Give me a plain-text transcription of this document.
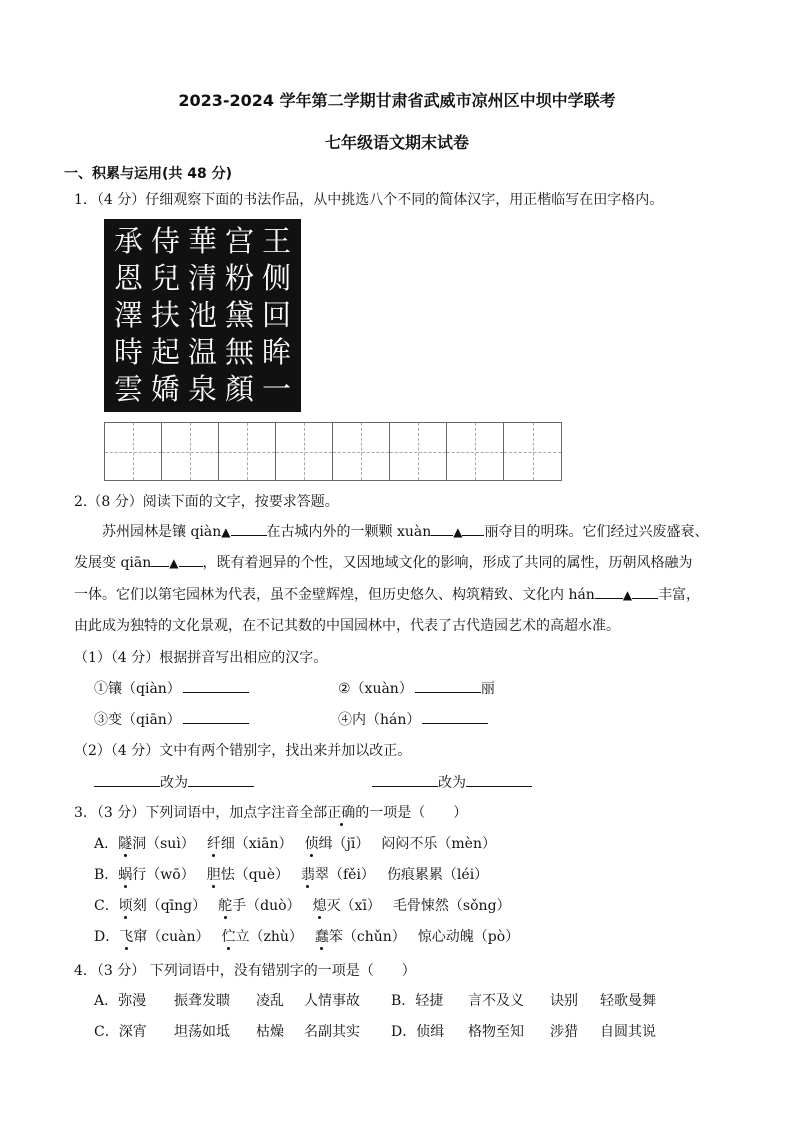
2023-2024 学年第二学期甘肃省武威市凉州区中坝中学联考
七年级语文期末试卷
一、积累与运用(共 48 分)
1．（4 分）仔细观察下面的书法作品，从中挑选八个不同的简体汉字，用正楷临写在田字格内。
承 侍 華 宫 王
恩 兒 清 粉 侧
澤 扶 池 黛 回
時 起 温 無 眸
雲 嬌 泉 顏 一
2.（8 分）阅读下面的文字，按要求答题。
苏州园林是镶 qiàn▲	在古城内外的一颗颗 xuàn ▲ 丽夺目的明珠。它们经过兴废盛衰、
发展变 qiān ▲ ，既有着迥异的个性，又因地域文化的影响，形成了共同的属性，历朝风格融为
一体。它们以第宅园林为代表，虽不金壁辉煌，但历史悠久、构筑精致、文化内 hán ▲ 丰富，
由此成为独特的文化景观，在不记其数的中国园林中，代表了古代造园艺术的高超水准。
（1）（4 分）根据拼音写出相应的汉字。
①镶（qiàn）	②（xuàn）	丽
③变（qiān）	④内（hán）
（2）（4 分）文中有两个错别字，找出来并加以改正。
改为	改为
3．（3 分）下列词语中，加点字注音全部正确的一项是（　　）
A．隧洞（suì） 纤细（xiān） 侦缉（jī） 闷闷不乐（mèn）
B．蜗行（wō） 胆怯（què） 翡翠（fěi） 伤痕累累（léi）
C．顷刻（qīng） 舵手（duò） 熄灭（xī） 毛骨悚然（sǒng）
D．飞窜（cuàn） 伫立（zhù） 蠢笨（chǔn） 惊心动魄（pò）
4．（3 分） 下列词语中，没有错别字的一项是（　　）
A．弥漫 振聋发聩 凌乱 人情事故 B．轻捷 言不及义 诀别 轻歌曼舞
C．深宵 坦荡如坻 枯燥 名副其实 D．侦缉 格物至知 涉猎 自圆其说
